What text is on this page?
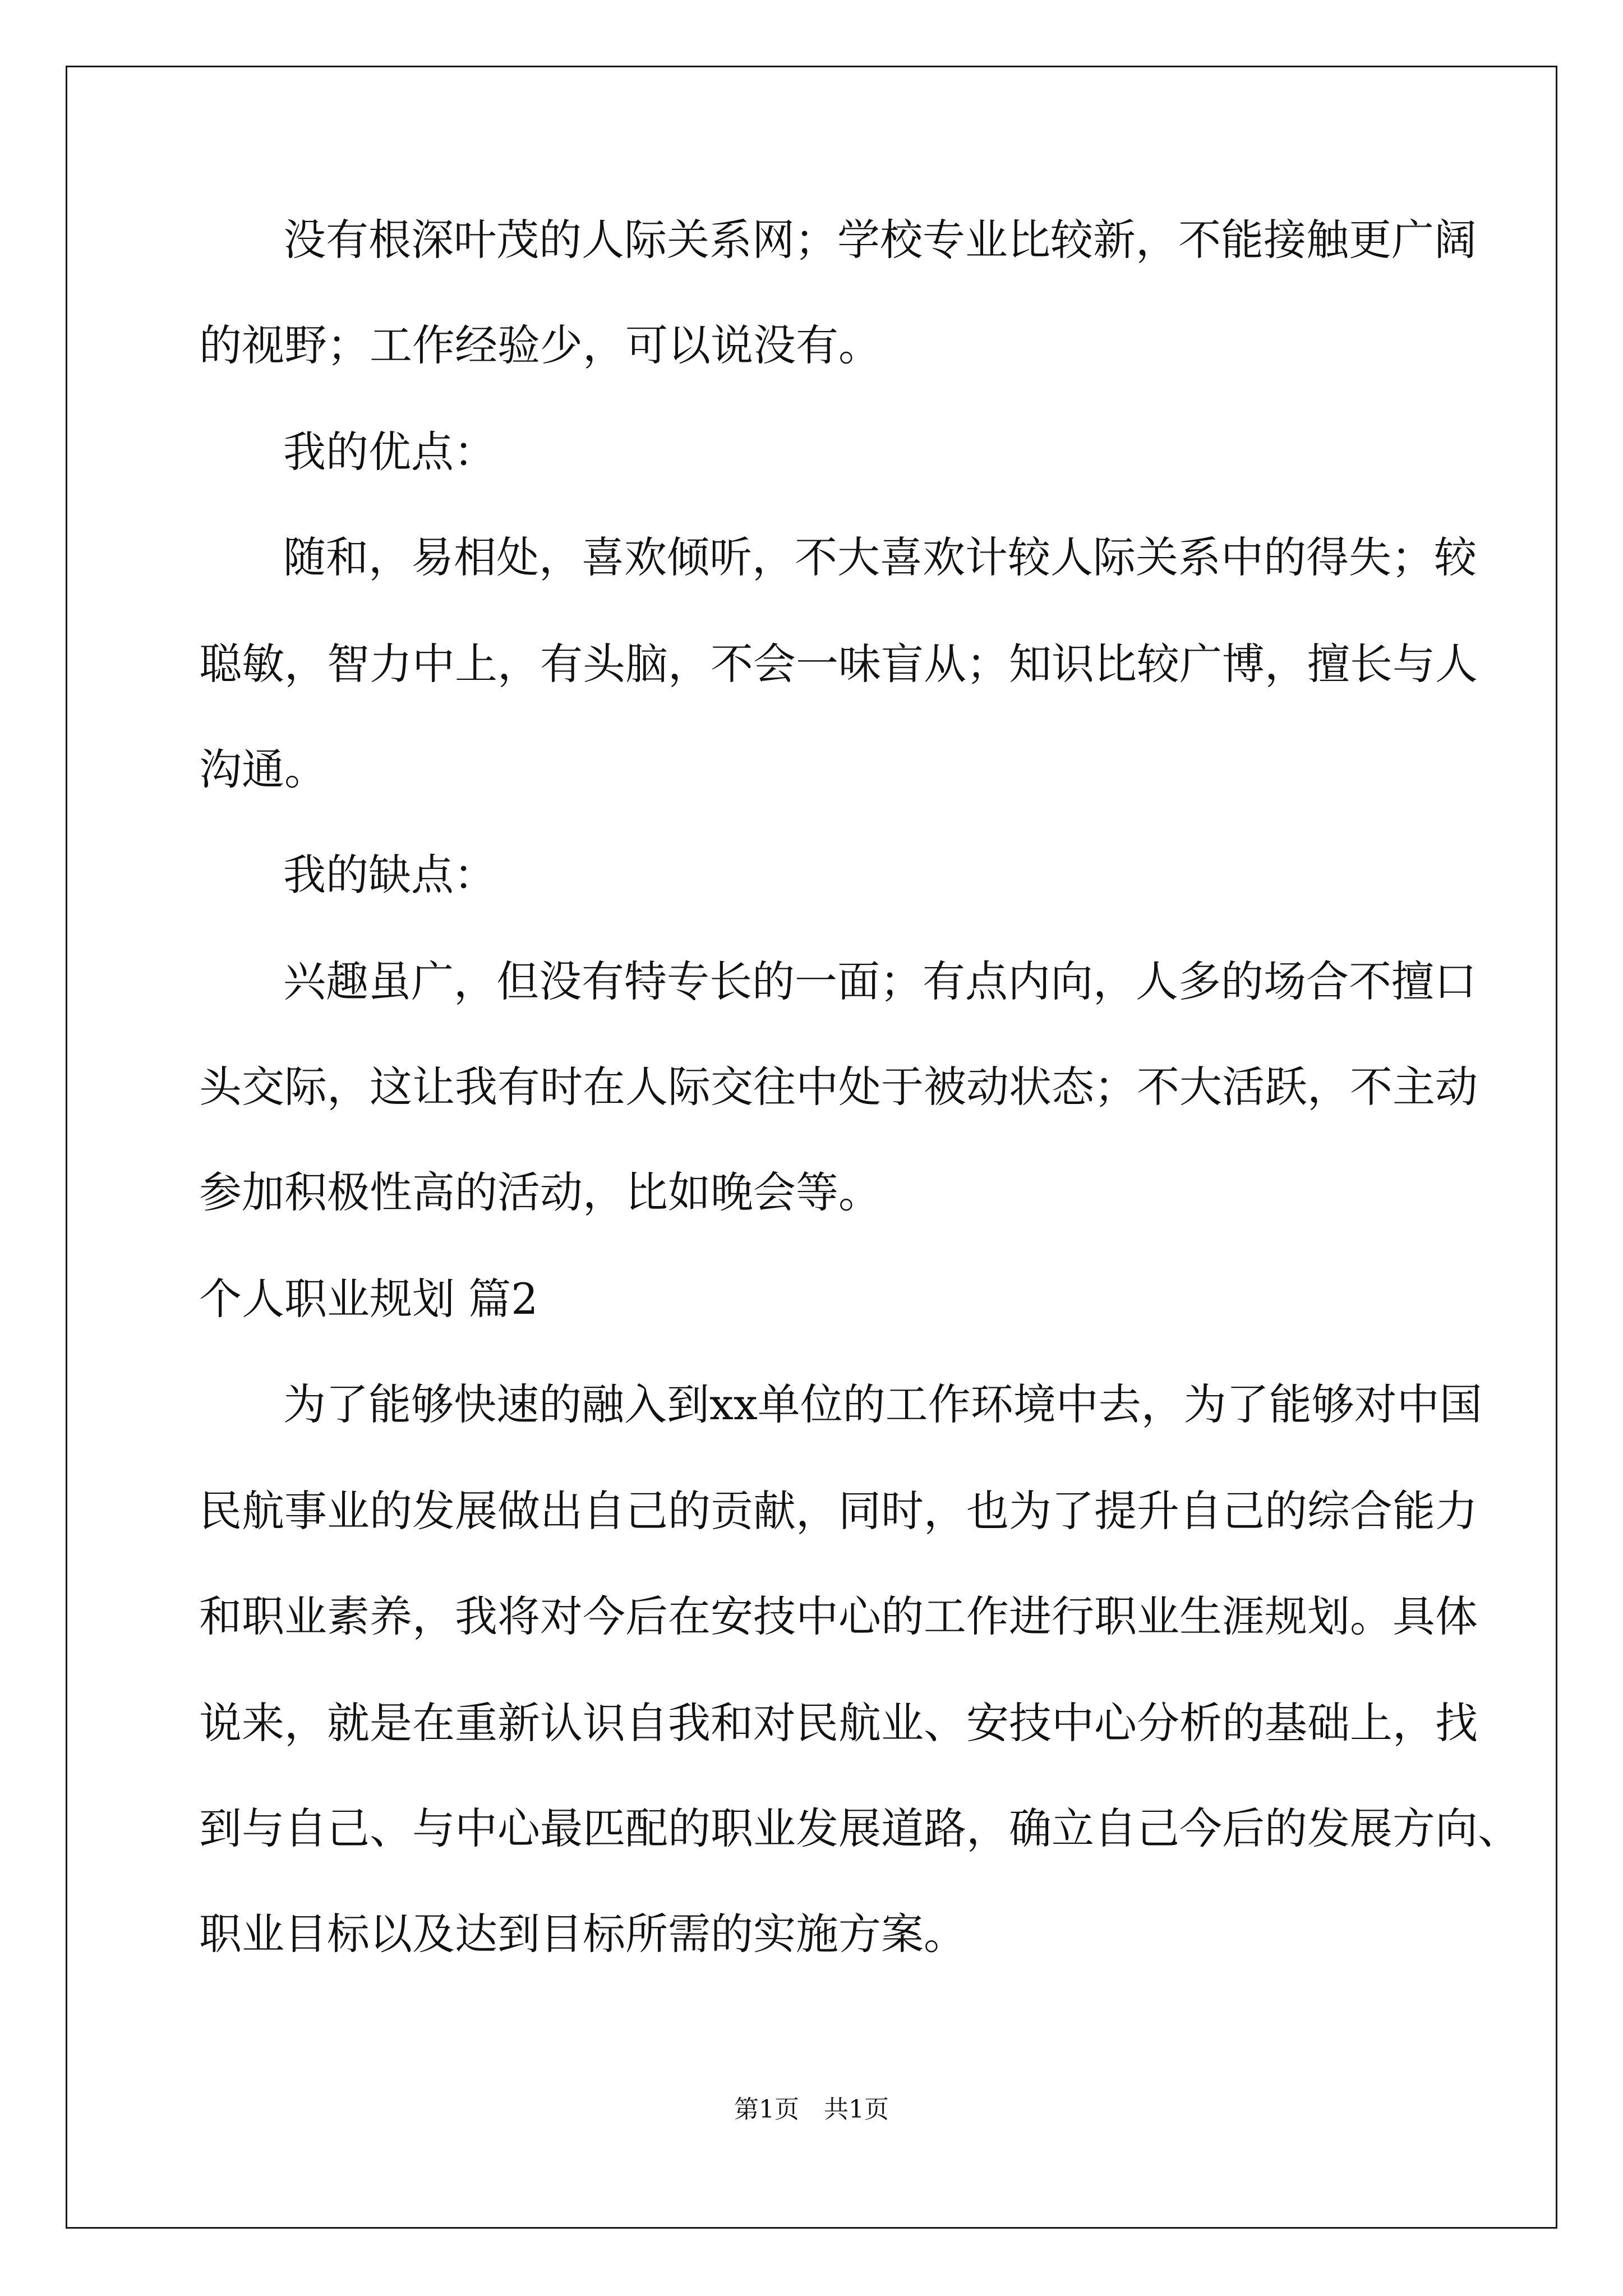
没有根深叶茂的人际关系网；学校专业比较新，不能接触更广阔
的视野；工作经验少，可以说没有。
我的优点：
随和，易相处，喜欢倾听，不大喜欢计较人际关系中的得失；较
聪敏，智力中上，有头脑，不会一味盲从；知识比较广博，擅长与人
沟通。
我的缺点：
兴趣虽广，但没有特专长的一面；有点内向，人多的场合不擅口
头交际，这让我有时在人际交往中处于被动状态；不大活跃，不主动
参加积极性高的活动，比如晚会等。
个人职业规划 篇2
为了能够快速的融入到xx单位的工作环境中去，为了能够对中国
民航事业的发展做出自己的贡献，同时，也为了提升自己的综合能力
和职业素养，我将对今后在安技中心的工作进行职业生涯规划。具体
说来，就是在重新认识自我和对民航业、安技中心分析的基础上，找
到与自己、与中心最匹配的职业发展道路，确立自己今后的发展方向、
职业目标以及达到目标所需的实施方案。
第1页　共1页
